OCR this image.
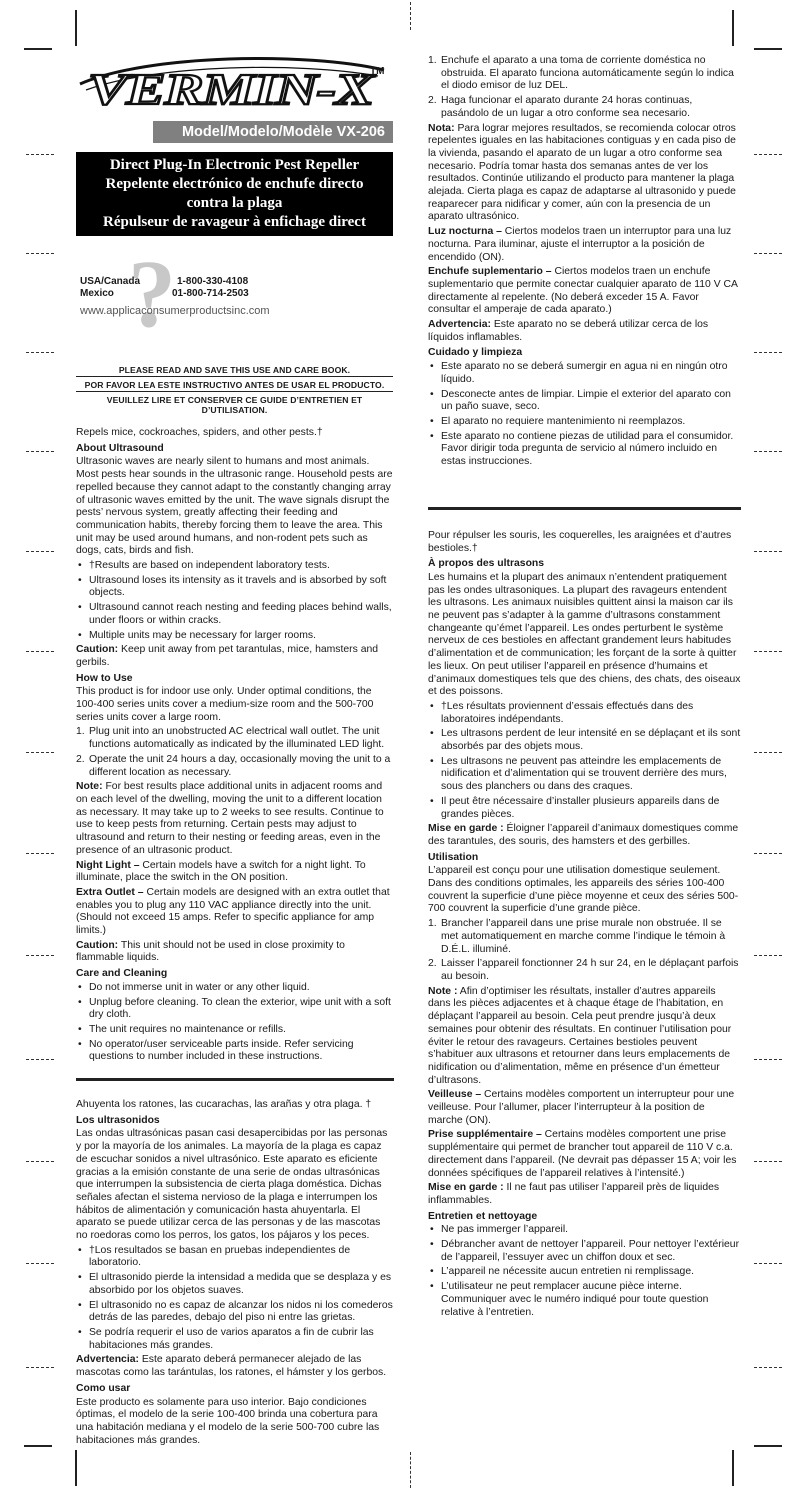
VERMIN-X
TM
Model/Modelo/Modèle VX-206
Direct Plug-In Electronic Pest Repeller
Repelente electrónico de enchufe directo
contra la plaga
Répulseur de ravageur à enfichage direct
?
USA/Canada	1-800-330-4108
Mexico	01-800-714-2503
www.applicaconsumerproductsinc.com
PLEASE READ AND SAVE THIS USE AND CARE BOOK.
POR FAVOR LEA ESTE INSTRUCTIVO ANTES DE USAR EL PRODUCTO.
VEUILLEZ LIRE ET CONSERVER CE GUIDE D’ENTRETIEN ET D’UTILISATION.

Repels mice, cockroaches, spiders, and other pests.†

About Ultrasound

Ultrasonic waves are nearly silent to humans and most animals. Most pests hear sounds in the ultrasonic range. Household pests are repelled because they cannot adapt to the constantly changing array of ultrasonic waves emitted by the unit. The wave signals disrupt the pests’ nervous system, greatly affecting their feeding and communication habits, thereby forcing them to leave the area. This unit may be used around humans, and non-rodent pets such as dogs, cats, birds and fish.

• †Results are based on independent laboratory tests.
• Ultrasound loses its intensity as it travels and is absorbed by soft objects.
• Ultrasound cannot reach nesting and feeding places behind walls, under floors or within cracks.
• Multiple units may be necessary for larger rooms.

Caution: Keep unit away from pet tarantulas, mice, hamsters and gerbils.

How to Use

This product is for indoor use only. Under optimal conditions, the 100-400 series units cover a medium-size room and the 500-700 series units cover a large room.

1. Plug unit into an unobstructed AC electrical wall outlet. The unit functions automatically as indicated by the illuminated LED light.
2. Operate the unit 24 hours a day, occasionally moving the unit to a different location as necessary.

Note: For best results place additional units in adjacent rooms and on each level of the dwelling, moving the unit to a different location as necessary. It may take up to 2 weeks to see results. Continue to use to keep pests from returning. Certain pests may adjust to ultrasound and return to their nesting or feeding areas, even in the presence of an ultrasonic product.

Night Light – Certain models have a switch for a night light. To illuminate, place the switch in the ON position.

Extra Outlet – Certain models are designed with an extra outlet that enables you to plug any 110 VAC appliance directly into the unit. (Should not exceed 15 amps. Refer to specific appliance for amp limits.)

Caution: This unit should not be used in close proximity to flammable liquids.

Care and Cleaning
• Do not immerse unit in water or any other liquid.
• Unplug before cleaning. To clean the exterior, wipe unit with a soft dry cloth.
• The unit requires no maintenance or refills.
• No operator/user serviceable parts inside. Refer servicing questions to number included in these instructions.

Ahuyenta los ratones, las cucarachas, las arañas y otra plaga. †

Los ultrasonidos

Las ondas ultrasónicas pasan casi desapercibidas por las personas y por la mayoría de los animales. La mayoría de la plaga es capaz de escuchar sonidos a nivel ultrasónico. Este aparato es eficiente gracias a la emisión constante de una serie de ondas ultrasónicas que interrumpen la subsistencia de cierta plaga doméstica. Dichas señales afectan el sistema nervioso de la plaga e interrumpen los hábitos de alimentación y comunicación hasta ahuyentarla. El aparato se puede utilizar cerca de las personas y de las mascotas no roedoras como los perros, los gatos, los pájaros y los peces.

• †Los resultados se basan en pruebas independientes de laboratorio.
• El ultrasonido pierde la intensidad a medida que se desplaza y es absorbido por los objetos suaves.
• El ultrasonido no es capaz de alcanzar los nidos ni los comederos detrás de las paredes, debajo del piso ni entre las grietas.
• Se podría requerir el uso de varios aparatos a fin de cubrir las habitaciones más grandes.

Advertencia: Este aparato deberá permanecer alejado de las mascotas como las tarántulas, los ratones, el hámster y los gerbos.

Como usar

Este producto es solamente para uso interior. Bajo condiciones óptimas, el modelo de la serie 100-400 brinda una cobertura para una habitación mediana y el modelo de la serie 500-700 cubre las habitaciones más grandes.

1. Enchufe el aparato a una toma de corriente doméstica no obstruida. El aparato funciona automáticamente según lo indica el diodo emisor de luz DEL.
2. Haga funcionar el aparato durante 24 horas continuas, pasándolo de un lugar a otro conforme sea necesario.

Nota: Para lograr mejores resultados, se recomienda colocar otros repelentes iguales en las habitaciones contiguas y en cada piso de la vivienda, pasando el aparato de un lugar a otro conforme sea necesario. Podría tomar hasta dos semanas antes de ver los resultados. Continúe utilizando el producto para mantener la plaga alejada. Cierta plaga es capaz de adaptarse al ultrasonido y puede reaparecer para nidificar y comer, aún con la presencia de un aparato ultrasónico.

Luz nocturna – Ciertos modelos traen un interruptor para una luz nocturna. Para iluminar, ajuste el interruptor a la posición de encendido (ON).

Enchufe suplementario – Ciertos modelos traen un enchufe suplementario que permite conectar cualquier aparato de 110 V CA directamente al repelente. (No deberá exceder 15 A. Favor consultar el amperaje de cada aparato.)

Advertencia: Este aparato no se deberá utilizar cerca de los líquidos inflamables.

Cuidado y limpieza
• Este aparato no se deberá sumergir en agua ni en ningún otro líquido.
• Desconecte antes de limpiar. Limpie el exterior del aparato con un paño suave, seco.
• El aparato no requiere mantenimiento ni reemplazos.
• Este aparato no contiene piezas de utilidad para el consumidor. Favor dirigir toda pregunta de servicio al número incluido en estas instrucciones.

Pour répulser les souris, les coquerelles, les araignées et d’autres bestioles.†

À propos des ultrasons

Les humains et la plupart des animaux n’entendent pratiquement pas les ondes ultrasoniques. La plupart des ravageurs entendent les ultrasons. Les animaux nuisibles quittent ainsi la maison car ils ne peuvent pas s’adapter à la gamme d’ultrasons constamment changeante qu’émet l’appareil. Les ondes perturbent le système nerveux de ces bestioles en affectant grandement leurs habitudes d’alimentation et de communication; les forçant de la sorte à quitter les lieux. On peut utiliser l’appareil en présence d’humains et d’animaux domestiques tels que des chiens, des chats, des oiseaux et des poissons.

• †Les résultats proviennent d’essais effectués dans des laboratoires indépendants.
• Les ultrasons perdent de leur intensité en se déplaçant et ils sont absorbés par des objets mous.
• Les ultrasons ne peuvent pas atteindre les emplacements de nidification et d’alimentation qui se trouvent derrière des murs, sous des planchers ou dans des craques.
• Il peut être nécessaire d’installer plusieurs appareils dans de grandes pièces.

Mise en garde : Éloigner l’appareil d’animaux domestiques comme des tarantules, des souris, des hamsters et des gerbilles.

Utilisation

L’appareil est conçu pour une utilisation domestique seulement. Dans des conditions optimales, les appareils des séries 100-400 couvrent la superficie d’une pièce moyenne et ceux des séries 500-700 couvrent la superficie d’une grande pièce.

1. Brancher l’appareil dans une prise murale non obstruée. Il se met automatiquement en marche comme l’indique le témoin à D.É.L. illuminé.
2. Laisser l’appareil fonctionner 24 h sur 24, en le déplaçant parfois au besoin.

Note : Afin d’optimiser les résultats, installer d’autres appareils dans les pièces adjacentes et à chaque étage de l’habitation, en déplaçant l’appareil au besoin. Cela peut prendre jusqu’à deux semaines pour obtenir des résultats. En continuer l’utilisation pour éviter le retour des ravageurs. Certaines bestioles peuvent s’habituer aux ultrasons et retourner dans leurs emplacements de nidification ou d’alimentation, même en présence d’un émetteur d’ultrasons.

Veilleuse – Certains modèles comportent un interrupteur pour une veilleuse. Pour l’allumer, placer l’interrupteur à la position de marche (ON).

Prise supplémentaire – Certains modèles comportent une prise supplémentaire qui permet de brancher tout appareil de 110 V c.a. directement dans l’appareil. (Ne devrait pas dépasser 15 A; voir les données spécifiques de l’appareil relatives à l’intensité.)

Mise en garde : Il ne faut pas utiliser l’appareil près de liquides inflammables.

Entretien et nettoyage
• Ne pas immerger l’appareil.
• Débrancher avant de nettoyer l’appareil. Pour nettoyer l’extérieur de l’appareil, l’essuyer avec un chiffon doux et sec.
• L’appareil ne nécessite aucun entretien ni remplissage.
• L’utilisateur ne peut remplacer aucune pièce interne. Communiquer avec le numéro indiqué pour toute question relative à l’entretien.
